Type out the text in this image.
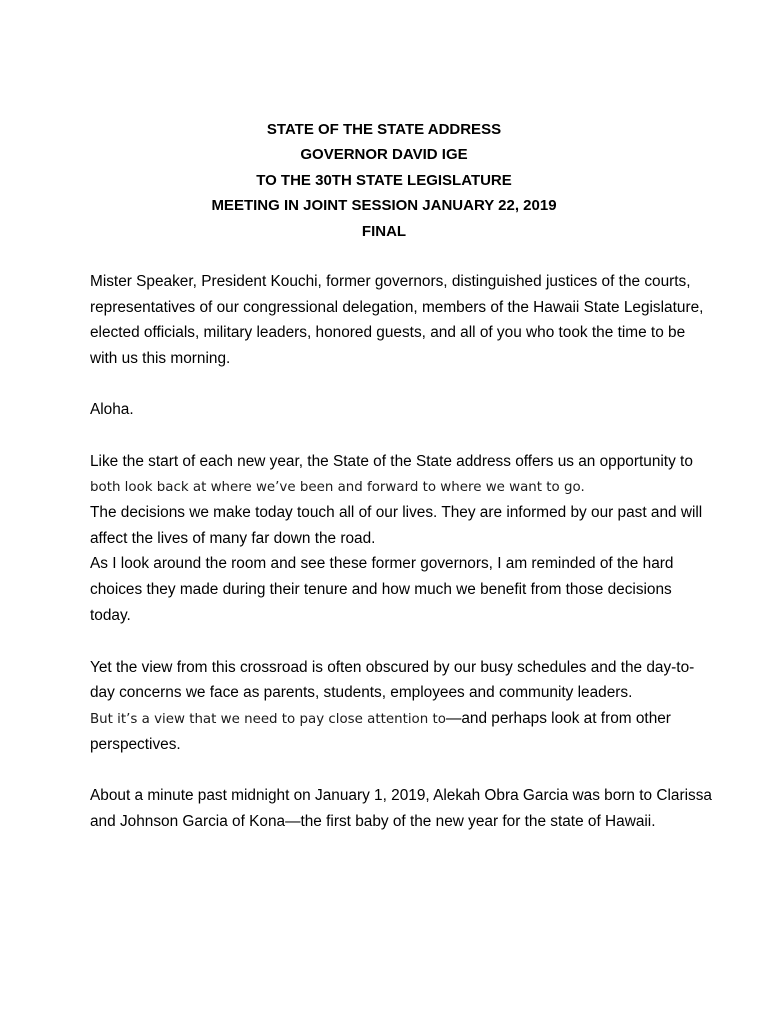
STATE OF THE STATE ADDRESS
GOVERNOR DAVID IGE
TO THE 30TH STATE LEGISLATURE
MEETING IN JOINT SESSION JANUARY 22, 2019
FINAL
Mister Speaker, President Kouchi, former governors, distinguished justices of the courts,
representatives of our congressional delegation, members of the Hawaii State Legislature,
elected officials, military leaders, honored guests, and all of you who took the time to be
with us this morning.
Aloha.
Like the start of each new year, the State of the State address offers us an opportunity to
both look back at where we’ve been and forward to where we want to go.
The decisions we make today touch all of our lives. They are informed by our past and will
affect the lives of many far down the road.
As I look around the room and see these former governors, I am reminded of the hard
choices they made during their tenure and how much we benefit from those decisions
today.
Yet the view from this crossroad is often obscured by our busy schedules and the day-to-
day concerns we face as parents, students, employees and community leaders.
But it’s a view that we need to pay close attention to—and perhaps look at from other
perspectives.
About a minute past midnight on January 1, 2019, Alekah Obra Garcia was born to Clarissa
and Johnson Garcia of Kona—the first baby of the new year for the state of Hawaii.
